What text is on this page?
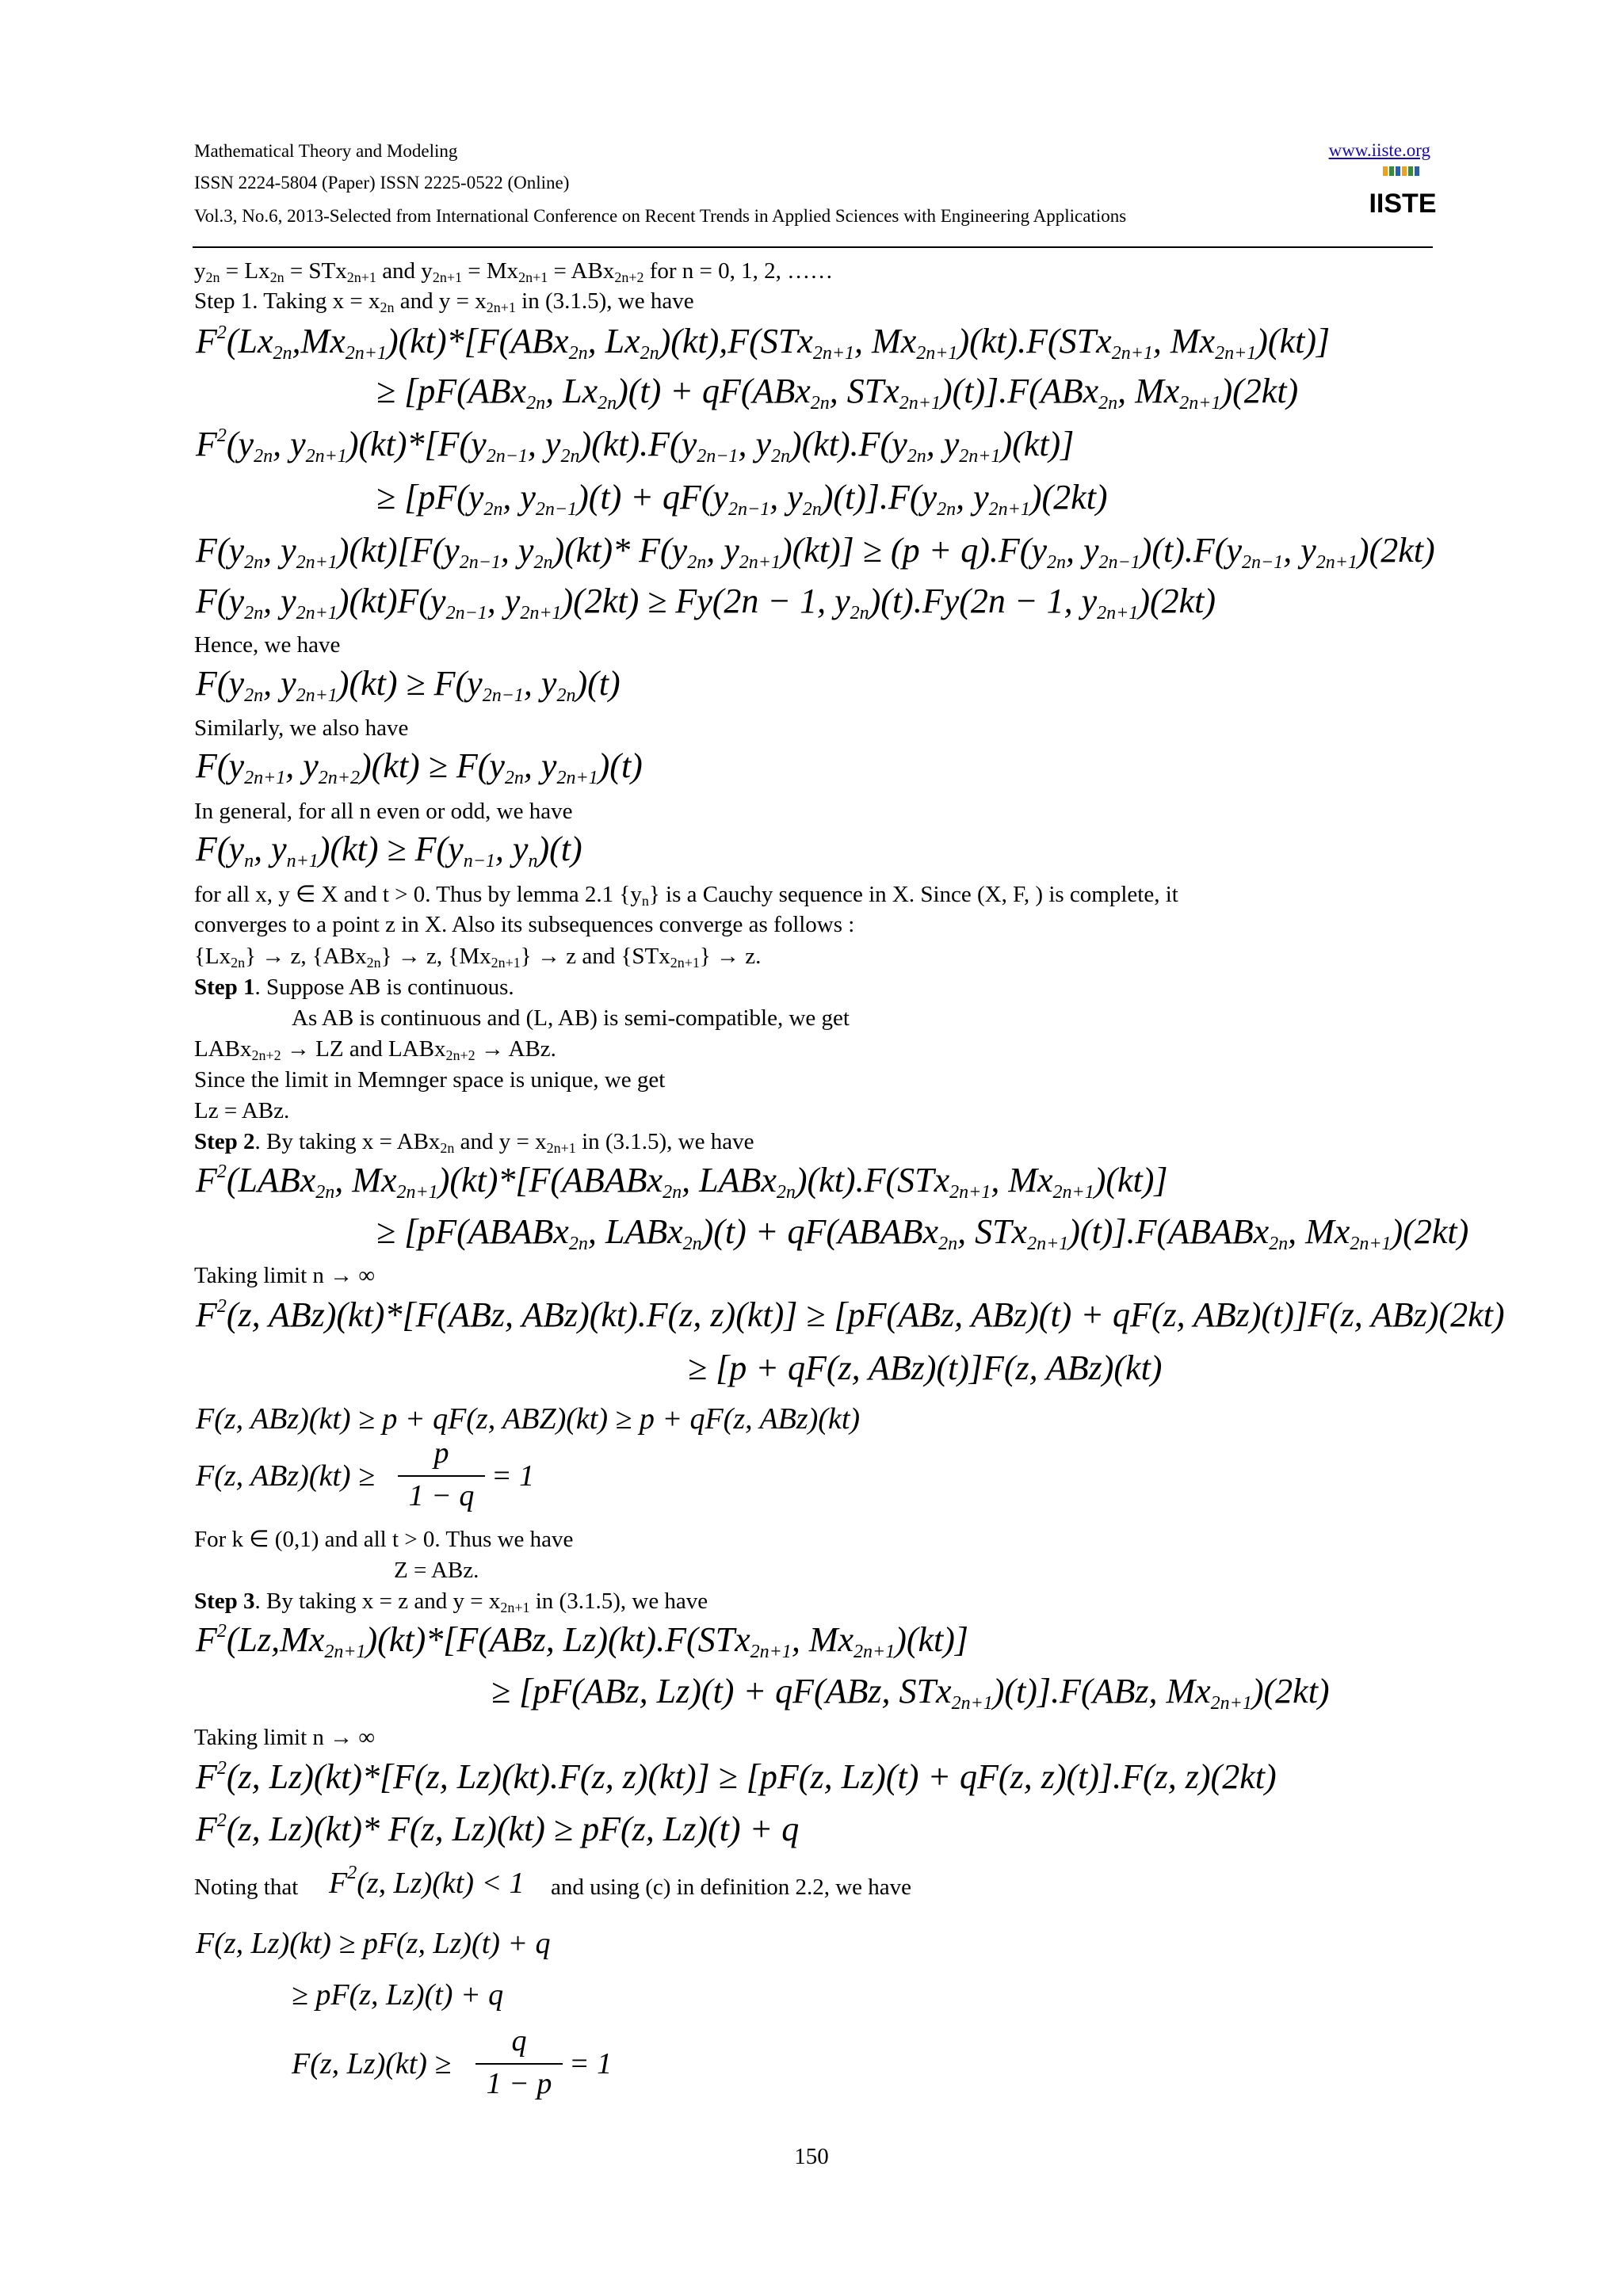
Mathematical Theory and Modeling	www.iiste.org
ISSN 2224-5804 (Paper) ISSN 2225-0522 (Online)
Vol.3, No.6, 2013-Selected from International Conference on Recent Trends in Applied Sciences with Engineering Applications	IISTE
$y_{2n} = Lx_{2n} = STx_{2n+1}$ and $y_{2n+1} = Mx_{2n+1} = ABx_{2n+2}$ for n = 0, 1, 2, ……
Step 1. Taking $x = x_{2n}$ and $y = x_{2n+1}$ in (3.1.5), we have
$F^2(Lx_{2n},Mx_{2n+1})(kt)*[F(ABx_{2n}$, $Lx_{2n})(kt),F(STx_{2n+1}$, $Mx_{2n+1})(kt).F(STx_{2n+1}$, $Mx_{2n+1})(kt)$]
≥ [pF(ABx$_{2n}$, $Lx_{2n})(t) + qF(ABx_{2n}$, STx$_{2n+1}$)(t)].F(ABx$_{2n}$, $Mx_{2n+1})(2kt)$
$F^2(y_{2n}$, $y_{2n+1})(kt)*[F(y_{2n-1}$, $y_{2n})(kt).F(y_{2n-1}$, $y_{2n})(kt).F(y_{2n}$, $y_{2n+1})(kt)$]
≥ [$pF(y_{2n}$, $y_{2n-1})(t) + qF(y_{2n-1}$, $y_{2n})(t)].F(y_{2n}$, $y_{2n+1})(2kt)$
$F(y_{2n}$, $y_{2n+1})(kt)[F(y_{2n-1}$, $y_{2n})(kt)*$ $F(y_{2n}$, $y_{2n+1})(kt)] \ge (p + q).F(y_{2n}$, $y_{2n-1})(t).F(y_{2n-1}$, $y_{2n+1})(2kt)$
$F(y_{2n}$, $y_{2n+1})(kt)F(y_{2n-1}$, $y_{2n+1})(2kt) \ge Fy(2n - 1$, $y_{2n})(t).Fy(2n - 1$, $y_{2n+1})(2kt)$
Hence, we have
$F(y_{2n}$, $y_{2n+1})(kt) \ge F(y_{2n-1}$, $y_{2n})(t)$
Similarly, we also have
$F(y_{2n+1}$, $y_{2n+2})(kt) \ge F(y_{2n}$, $y_{2n+1})(t)$
In general, for all n even or odd, we have
$F(y_n$, $y_{n+1})(kt) \ge F(y_{n-1}$, $y_n)(t)$
for all x, y ∈ X and t > 0. Thus by lemma 2.1 $\{y_n\}$ is a Cauchy sequence in X. Since (X, F, ) is complete, it
converges to a point z in X. Also its subsequences converge as follows :
$\{Lx_{2n}\} \to z$, {ABx$_{2n}$} → z, $\{Mx_{2n+1}\} \to z$ and {STx$_{2n+1}$} → z.
Step 1. Suppose AB is continuous.
As AB is continuous and (L, AB) is semi-compatible, we get
LABx$_{2n+2}$ → LZ and LABx$_{2n+2}$ → ABz.
Since the limit in Memnger space is unique, we get
Lz = ABz.
Step 2. By taking x = ABx$_{2n}$ and $y = x_{2n+1}$ in (3.1.5), we have
$F^2(LABx_{2n}$, $Mx_{2n+1})(kt)*[F(ABABx_{2n}$, LABx$_{2n}$)(kt).F(STx$_{2n+1}$, $Mx_{2n+1})(kt)$]
≥ [pF(ABABx$_{2n}$, LABx$_{2n}$)(t) + qF(ABABx$_{2n}$, STx$_{2n+1}$)(t)].F(ABABx$_{2n}$, $Mx_{2n+1})(2kt)$
Taking limit n → ∞
$F^2(z$, ABz)(kt)*[F(ABz, ABz)(kt).F(z, z)(kt)] ≥ [pF(ABz, ABz)(t) + qF(z, ABz)(t)]F(z, ABz)(2kt)
≥ [p + qF(z, ABz)(t)]F(z, ABz)(kt)
F(z, ABz)(kt) ≥ p + qF(z, ABZ)(kt) ≥ p + qF(z, ABz)(kt)
F(z, ABz)(kt) ≥
p
1 − q
= 1
For k ∈ (0,1) and all t > 0. Thus we have
Z = ABz.
Step 3. By taking x = z and $y = x_{2n+1}$ in (3.1.5), we have
$F^2(Lz,Mx_{2n+1})(kt)*[F(ABz$, Lz)(kt).F(STx$_{2n+1}$, $Mx_{2n+1})(kt)$]
≥ [pF(ABz, Lz)(t) + qF(ABz, STx$_{2n+1}$)(t)].F(ABz, $Mx_{2n+1})(2kt)$
Taking limit n → ∞
$F^2(z$, Lz)(kt)*[F(z, Lz)(kt).F(z, z)(kt)] ≥ [pF(z, Lz)(t) + qF(z, z)(t)].F(z, z)(2kt)
$F^2(z$, Lz)(kt)* F(z, Lz)(kt) ≥ pF(z, Lz)(t) + q
Noting that $F^2(z$, Lz)(kt) < 1 and using (c) in definition 2.2, we have
F(z, Lz)(kt) ≥ pF(z, Lz)(t) + q
≥ pF(z, Lz)(t) + q
F(z, Lz)(kt) ≥
q
1 − p
= 1
150
